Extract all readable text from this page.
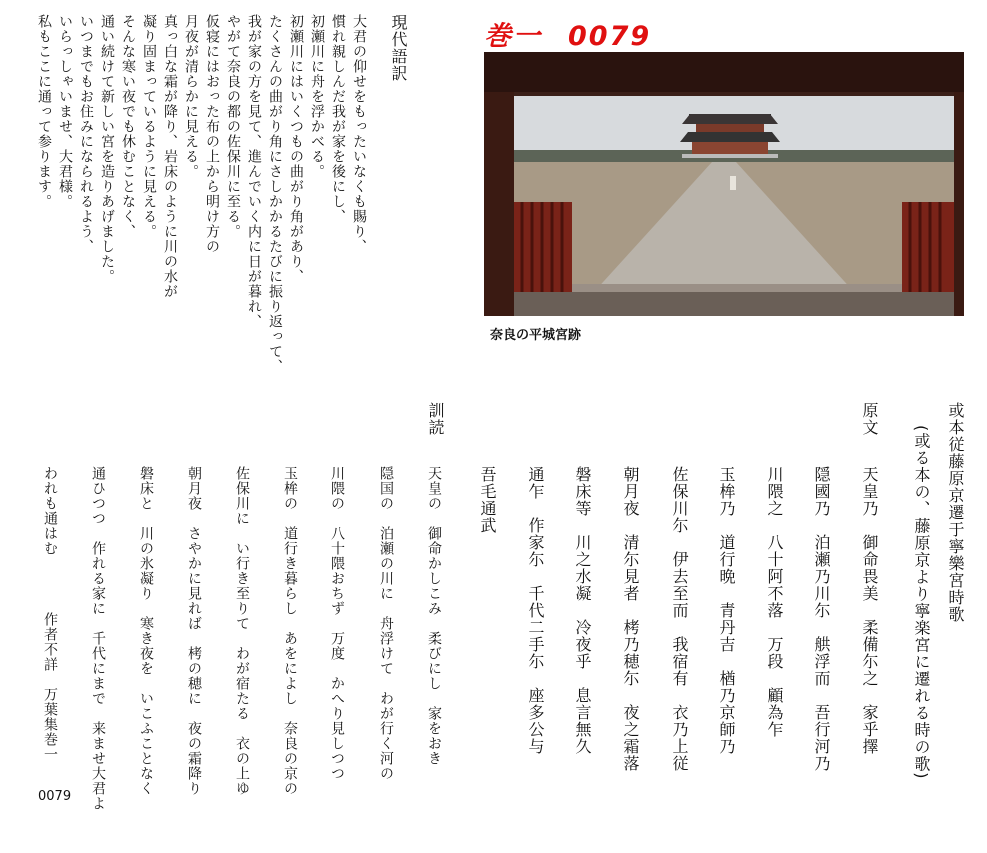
巻一 0079
奈良の平城宮跡
或本従藤原京遷于寧樂宮時歌
(或る本の、藤原京より寧楽宮に遷れる時の歌)
原文
天皇乃　御命畏美　柔備尓之　家乎擇
隠國乃　泊瀬乃川尓　舼浮而　吾行河乃
川隈之　八十阿不落　万段　顧為乍
玉桙乃　道行晩　青丹吉　楢乃京師乃
佐保川尓　伊去至而　我宿有　衣乃上従
朝月夜　清尓見者　栲乃穂尓　夜之霜落
磐床等　川之水凝　冷夜乎　息言無久
通乍　作家尓　千代二手尓　座多公与
吾毛通武
訓読
天皇の　御命かしこみ　柔びにし　家をおき
隠国の　泊瀬の川に　舟浮けて　わが行く河の
川隈の　八十隈おちず　万度　かへり見しつつ
玉桙の　道行き暮らし　あをによし　奈良の京の
佐保川に　い行き至りて　わが宿たる　衣の上ゆ
朝月夜　さやかに見れば　栲の穂に　夜の霜降り
磐床と　川の氷凝り　寒き夜を　いこふことなく
通ひつつ　作れる家に　千代にまで　来ませ大君よ
われも通はむ
作者不詳　万葉集巻一
0079
現代語訳
大君の仰せをもったいなくも賜り、
慣れ親しんだ我が家を後にし、
初瀬川に舟を浮かべる。
初瀬川にはいくつもの曲がり角があり、
たくさんの曲がり角にさしかかるたびに振り返って、
我が家の方を見て、進んでいく内に日が暮れ、
やがて奈良の都の佐保川に至る。
仮寝にはおった布の上から明け方の
月夜が清らかに見える。
真っ白な霜が降り、岩床のように川の水が
凝り固まっているように見える。
そんな寒い夜でも休むことなく、
通い続けて新しい宮を造りあげました。
いつまでもお住みになられるよう、
いらっしゃいませ、大君様。
私もここに通って参ります。
